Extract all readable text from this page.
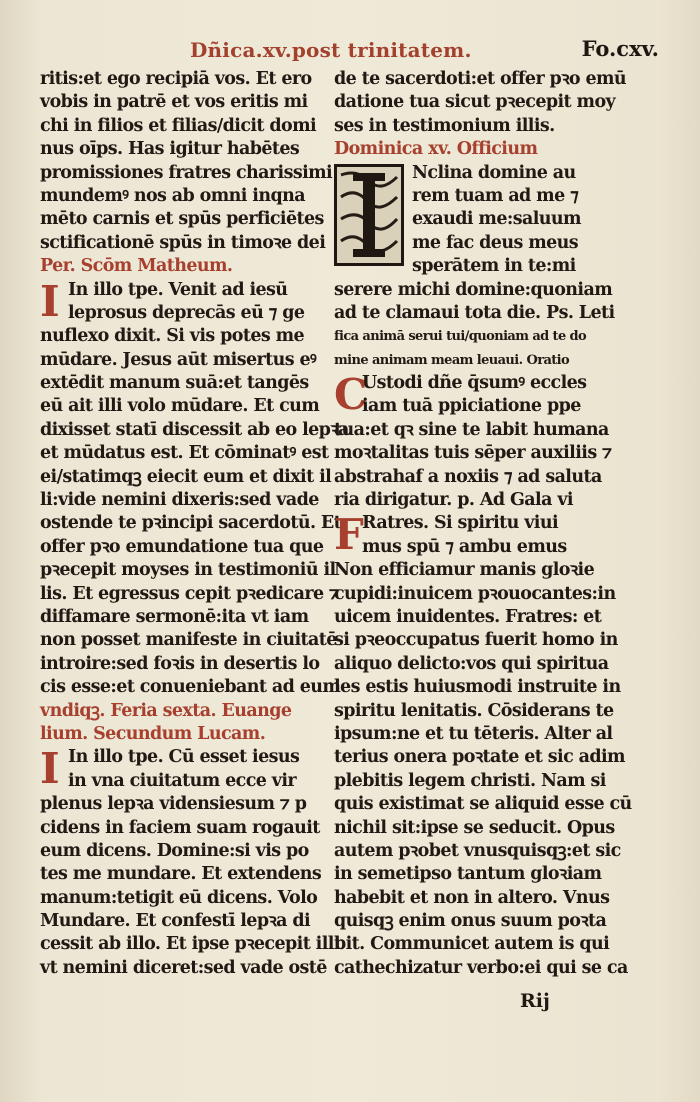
Dñica.xv.post trinitatem.	Fo.cxv.
ritis:et ego recipiā vos. Et ero
vobis in patrē et vos eritis mi
chi in filios et filias/dicit domi
nus oīps. Has igitur habētes
promissiones fratres charissimi
mundemꝰ nos ab omni inqna
mēto carnis et spūs perficiētes
sctificationē spūs in timoꝛe dei
Per. Scōm Matheum.
I In illo tpe. Venit ad iesū
leprosus deprecās eū ⁊ ge
nuflexo dixit. Si vis potes me
mūdare. Jesus aūt misertus eꝰ
extēdit manum suā:et tangēs
eū ait illi volo mūdare. Et cum
dixisset statī discessit ab eo lepꝛa
et mūdatus est. Et cōminatꝰ est
ei/statimqꝫ eiecit eum et dixit il
li:vide nemini dixeris:sed vade
ostende te pꝛincipi sacerdotū. Et
offer pꝛo emundatione tua que
pꝛecepit moyses in testimoniū il
lis. Et egressus cepit pꝛedicare ⁊
diffamare sermonē:ita vt iam
non posset manifeste in ciuitatē
introire:sed foꝛis in desertis lo
cis esse:et conueniebant ad eum
vndiqꝫ. Feria sexta. Euange
lium. Secundum Lucam.
I In illo tpe. Cū esset iesus
in vna ciuitatum ecce vir
plenus lepꝛa vidensiesum ⁊ p
cidens in faciem suam rogauit
eum dicens. Domine:si vis po
tes me mundare. Et extendens
manum:tetigit eū dicens. Volo
Mundare. Et confestī lepꝛa di
cessit ab illo. Et ipse pꝛecepit illi
vt nemini diceret:sed vade ostē
de te sacerdoti:et offer pꝛo emū
datione tua sicut pꝛecepit moy
ses in testimonium illis.
Dominica xv. Officium
Nclina domine au
rem tuam ad me ⁊
exaudi me:saluum
me fac deus meus
sperātem in te:mi
serere michi domine:quoniam
ad te clamaui tota die. Ps. Leti
fica animā serui tui/quoniam ad te do
mine animam meam leuaui. Oratio
C
Ustodi dñe q̄sumꝰ eccles
iam tuā ppiciatione ppe
tua:et qꝛ sine te labit humana
moꝛtalitas tuis sēper auxiliis ⁊
abstrahaf a noxiis ⁊ ad saluta
ria dirigatur. p. Ad Gala vi
F
Ratres. Si spiritu viui
mus spū ⁊ ambu emus
Non efficiamur manis gloꝛie
cupidi:inuicem pꝛouocantes:in
uicem inuidentes. Fratres: et
si pꝛeoccupatus fuerit homo in
aliquo delicto:vos qui spiritua
les estis huiusmodi instruite in
spiritu lenitatis. Cōsiderans te
ipsum:ne et tu tēteris. Alter al
terius onera poꝛtate et sic adim
plebitis legem christi. Nam si
quis existimat se aliquid esse cū
nichil sit:ipse se seducit. Opus
autem pꝛobet vnusquisqꝫ:et sic
in semetipso tantum gloꝛiam
habebit et non in altero. Vnus
quisqꝫ enim onus suum poꝛta
bit. Communicet autem is qui
cathechizatur verbo:ei qui se ca
Rij
